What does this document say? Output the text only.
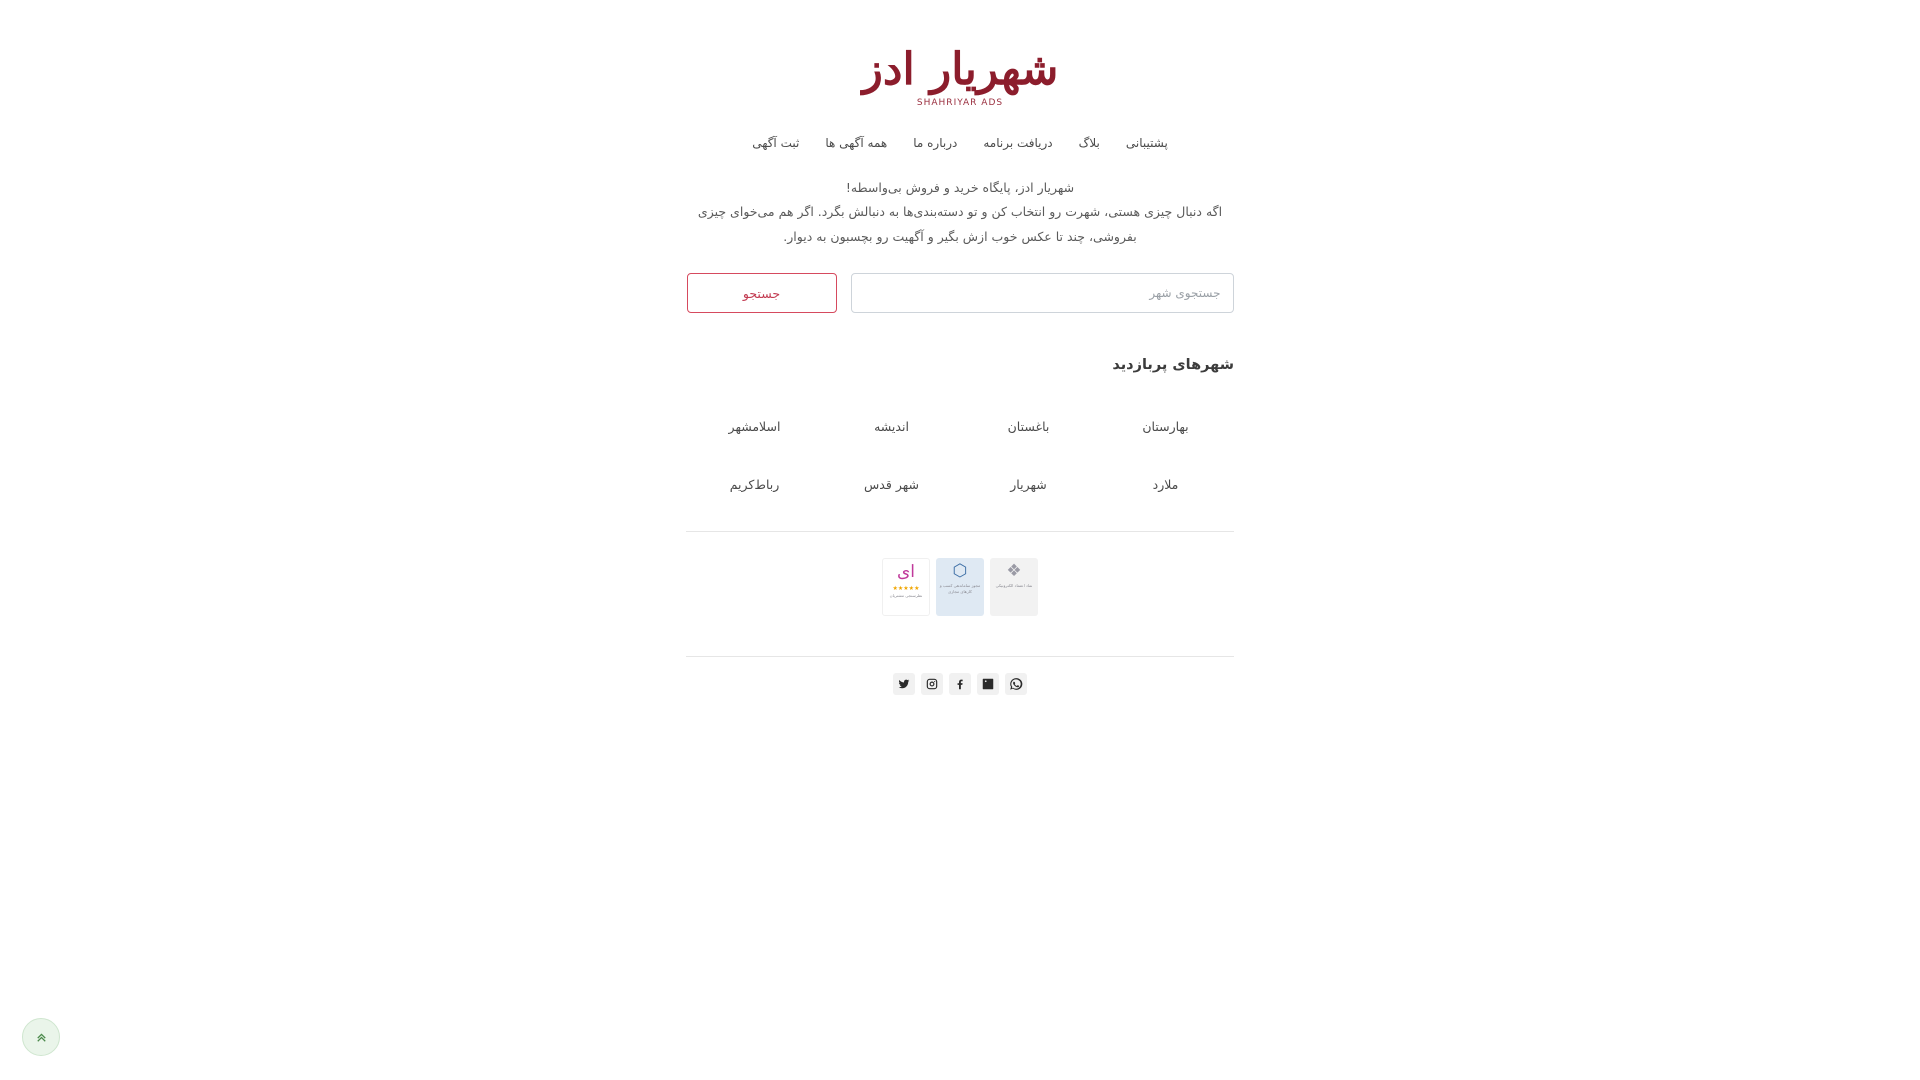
شهریار ادز
SHAHRIYAR ADS
پشتیبانی
بلاگ
دریافت برنامه
درباره ما
همه آگهی ها
ثبت آگهی
شهریار ادز، پایگاه خرید و فروش بی‌واسطه!
اگه دنبال چیزی هستی، شهرت رو انتخاب کن و تو دسته‌بندی‌ها به دنبالش بگرد. اگر هم می‌خوای چیزی بفروشی، چند تا عکس خوب ازش بگیر و آگهیت رو بچسبون به دیوار.
جستجوی شهر
جستجو
شهرهای پربازدید
بهارستان
باغستان
اندیشه
اسلامشهر
ملارد
شهریار
شهر قدس
رباط‌کریم
❖
نماد اعتماد الکترونیکی
⬡
مجوز ساماندهی کسب و کارهای مجازی
ای
★★★★★
نظرسنجی مشتریان
